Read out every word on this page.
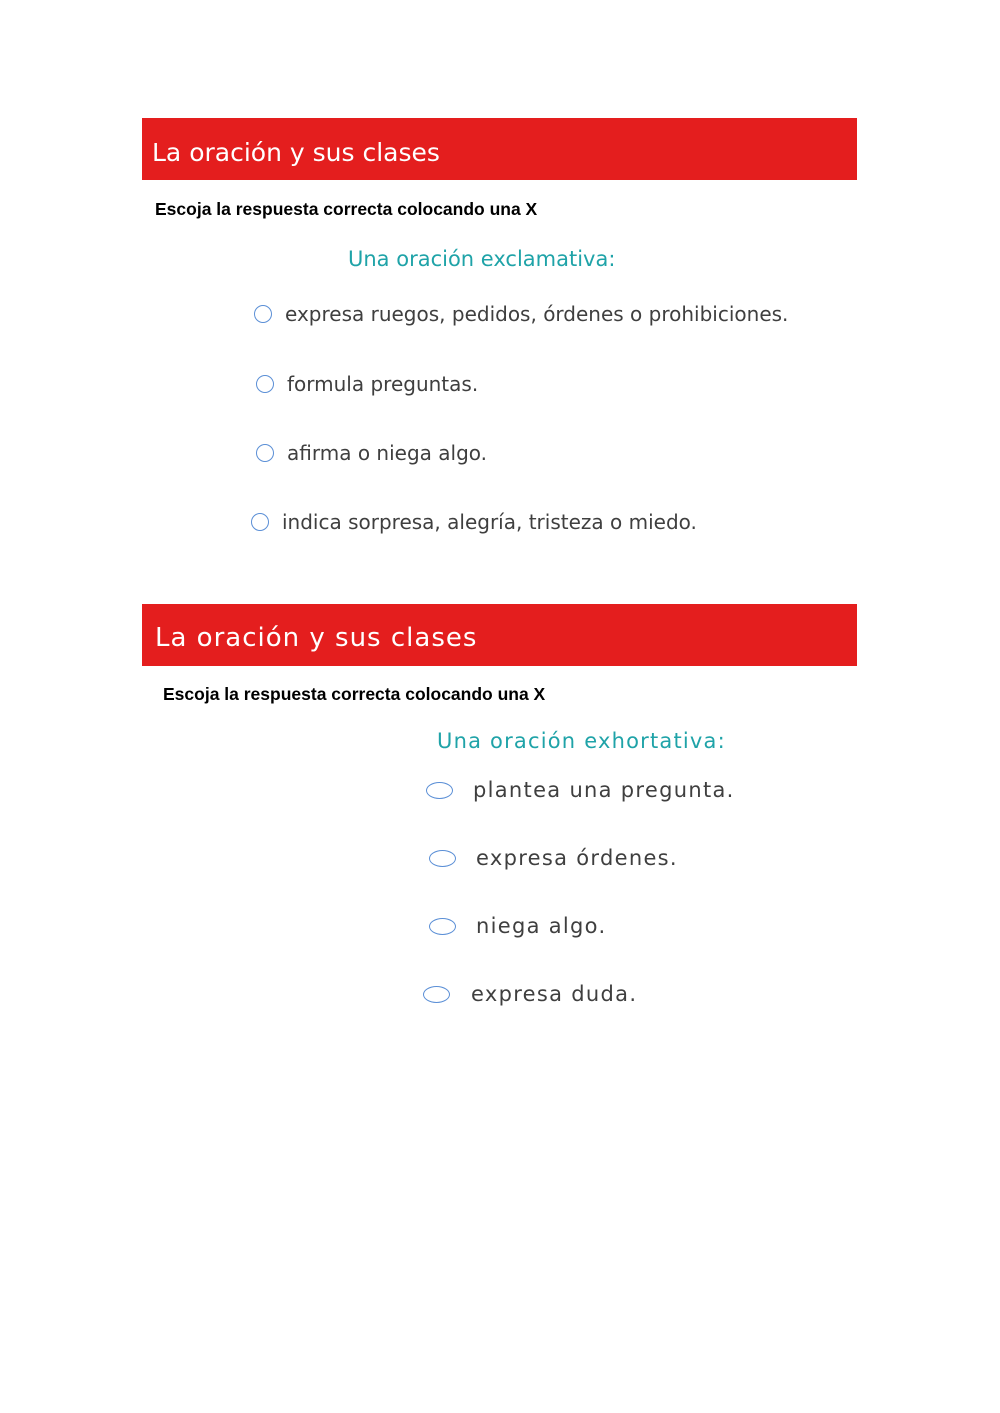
La oración y sus clases
Escoja la respuesta correcta colocando una X
Una oración exclamativa:
expresa ruegos, pedidos, órdenes o prohibiciones.
formula preguntas.
afirma o niega algo.
indica sorpresa, alegría, tristeza o miedo.
La oración y sus clases
Escoja la respuesta correcta colocando una X
Una oración exhortativa:
plantea una pregunta.
expresa órdenes.
niega algo.
expresa duda.
